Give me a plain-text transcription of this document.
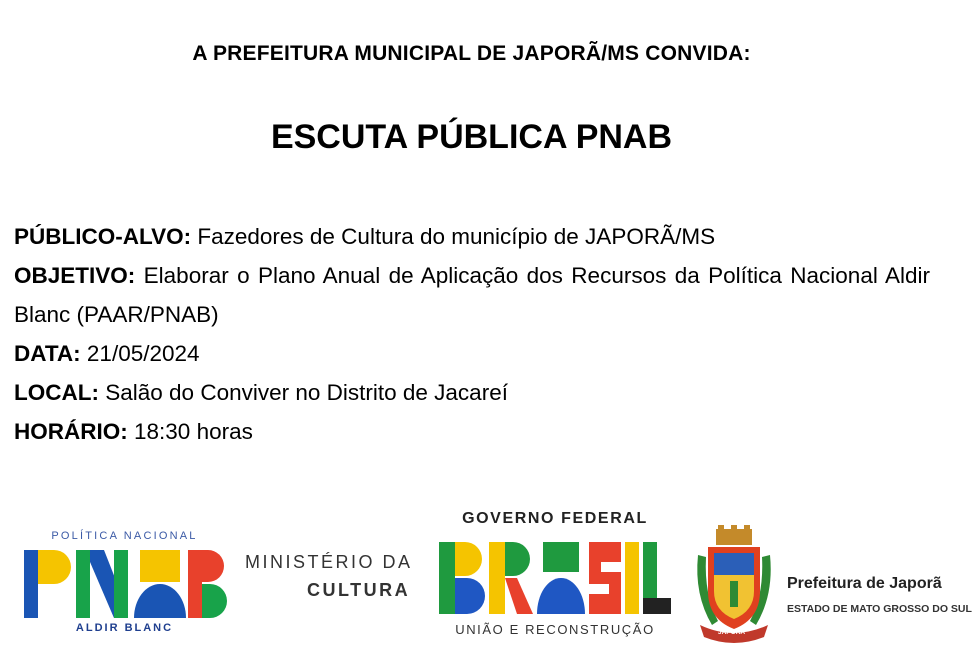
A PREFEITURA MUNICIPAL DE JAPORÃ/MS CONVIDA:
ESCUTA PÚBLICA PNAB

PÚBLICO-ALVO: Fazedores de Cultura do município de JAPORÃ/MS

OBJETIVO: Elaborar o Plano Anual de Aplicação dos Recursos da Política Nacional Aldir Blanc (PAAR/PNAB)

DATA: 21/05/2024

LOCAL: Salão do Conviver no Distrito de Jacareí

HORÁRIO: 18:30 horas

POLÍTICA NACIONAL
ALDIR BLANC
MINISTÉRIO DA
CULTURA
GOVERNO FEDERAL
UNIÃO E RECONSTRUÇÃO	JAPORÃ
Prefeitura de Japorã
ESTADO DE MATO GROSSO DO SUL
